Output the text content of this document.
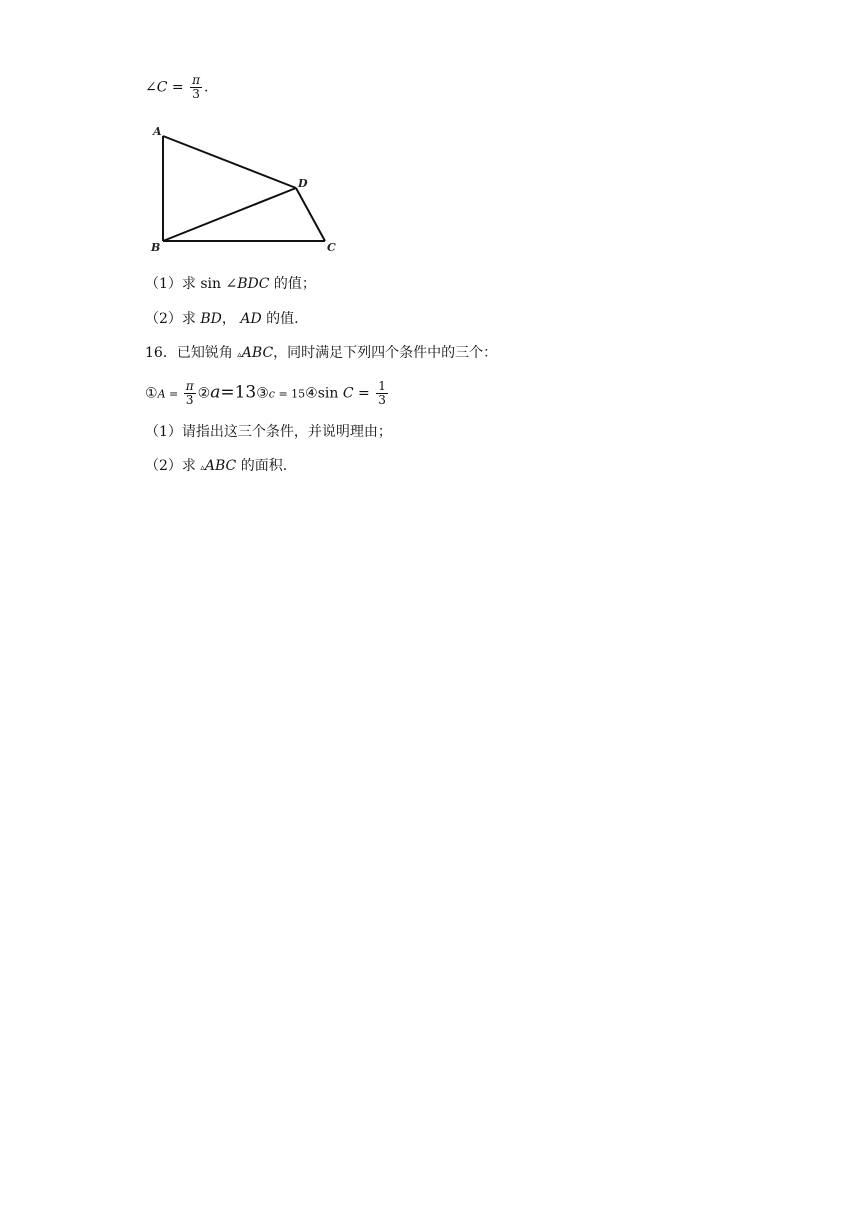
∠C = $\frac{\pi}{3}$ .
A
B	C
D
（1）求 sin ∠BDC 的值；
（2）求 BD， AD 的值.
16．已知锐角 ▵ABC，同时满足下列四个条件中的三个：
①A = $\frac{\pi}{3}$ ②a=13③c = 15④sin $C = \frac{1}{3}$
（1）请指出这三个条件，并说明理由；
（2）求 ▵ABC 的面积.
